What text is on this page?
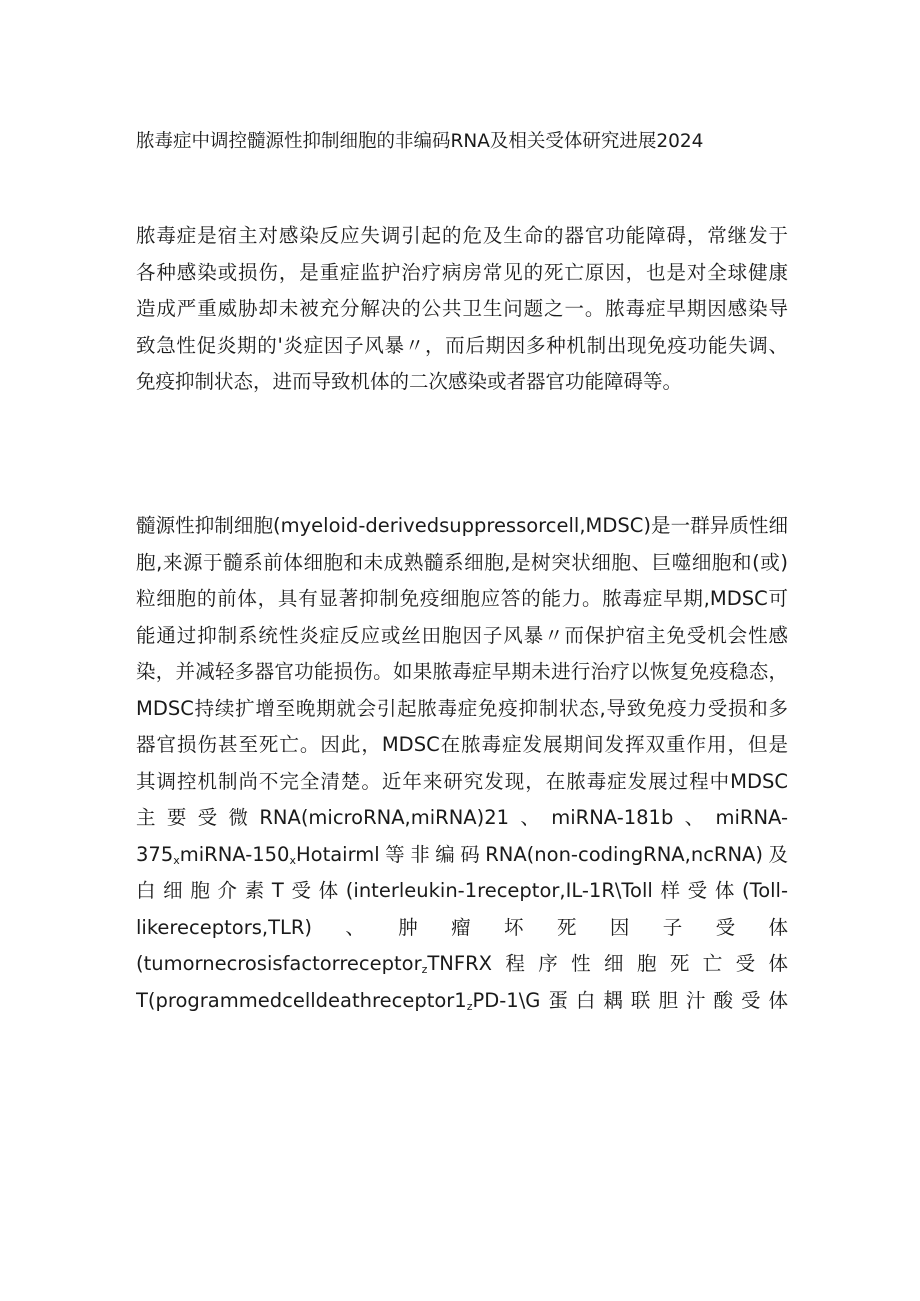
脓毒症中调控髓源性抑制细胞的非编码RNA及相关受体研究进展2024
脓毒症是宿主对感染反应失调引起的危及生命的器官功能障碍，常继发于
各种感染或损伤，是重症监护治疗病房常见的死亡原因，也是对全球健康
造成严重威胁却未被充分解决的公共卫生问题之一。脓毒症早期因感染导
致急性促炎期的'炎症因子风暴〃，而后期因多种机制出现免疫功能失调、
免疫抑制状态，进而导致机体的二次感染或者器官功能障碍等。
髓源性抑制细胞(myeloid-derivedsuppressorcell,MDSC)是一群异质性细
胞,来源于髓系前体细胞和未成熟髓系细胞,是树突状细胞、巨噬细胞和(或)
粒细胞的前体，具有显著抑制免疫细胞应答的能力。脓毒症早期,MDSC可
能通过抑制系统性炎症反应或丝田胞因子风暴〃而保护宿主免受机会性感
染，并减轻多器官功能损伤。如果脓毒症早期未进行治疗以恢复免疫稳态，
MDSC持续扩增至晚期就会引起脓毒症免疫抑制状态,导致免疫力受损和多
器官损伤甚至死亡。因此，MDSC在脓毒症发展期间发挥双重作用，但是
其调控机制尚不完全清楚。近年来研究发现，在脓毒症发展过程中MDSC
主要受微RNA(microRNA,miRNA)21、miRNA-181b、miRNA-
$375_xmiRNA-150_xHotairml$等非编码RNA(non-codingRNA,ncRNA)及
白细胞介素T受体(interleukin-1receptor,IL-1R\Toll样受体(Toll-
likereceptors,TLR)、肿瘤坏死因子受体
(tumornecrosisfactorreceptor$_z$TNFRX程序性细胞死亡受体
$T(programmedcelldeathreceptor1_zPD-1\backslash G$蛋白耦联胆汁酸受体
